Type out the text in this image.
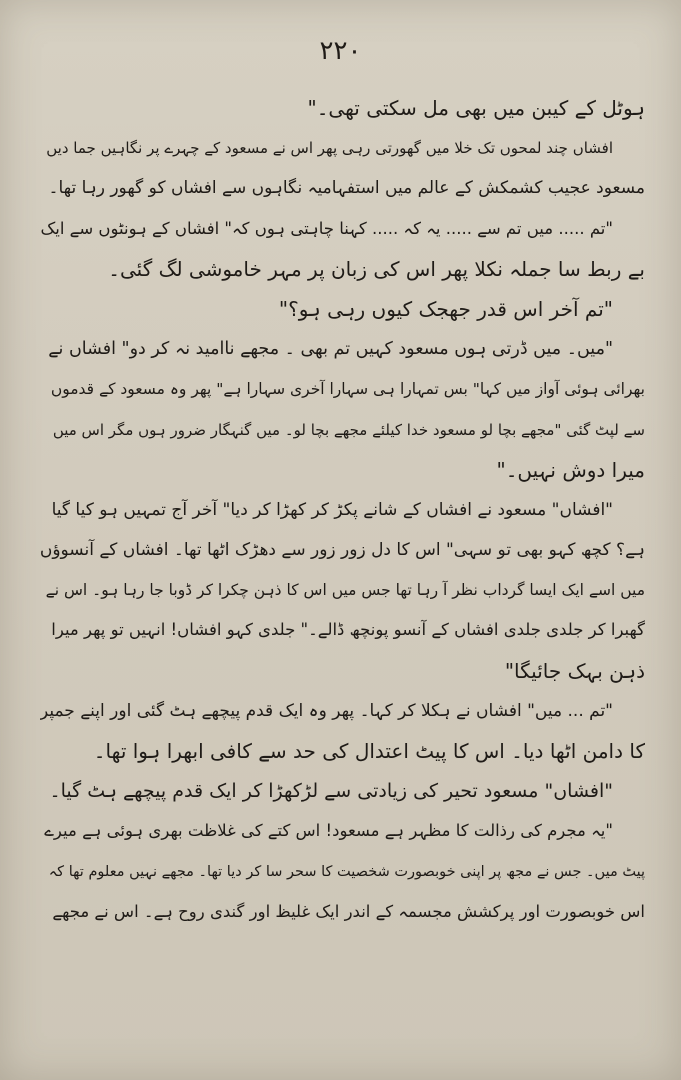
۲۲۰
ہوٹل کے کیبن میں بھی مل سکتی تھی۔"
افشاں چند لمحوں تک خلا میں گھورتی رہی پھر اس نے مسعود کے چہرے پر نگاہیں جما دیں
مسعود عجیب کشمکش کے عالم میں استفہامیہ نگاہوں سے افشاں کو گھور رہا تھا۔
"تم ..... میں تم سے ..... یہ کہ ..... کہنا چاہتی ہوں کہ" افشاں کے ہونٹوں سے ایک
بے ربط سا جملہ نکلا پھر اس کی زبان پر مہر خاموشی لگ گئی۔
"تم آخر اس قدر جھجک کیوں رہی ہو؟"
"میں۔ میں ڈرتی ہوں مسعود کہیں تم بھی ۔ مجھے ناامید نہ کر دو" افشاں نے
بھرائی ہوئی آواز میں کہا" بس تمہارا ہی سہارا آخری سہارا ہے" پھر وہ مسعود کے قدموں
سے لپٹ گئی "مجھے بچا لو مسعود خدا کیلئے مجھے بچا لو۔ میں گنہگار ضرور ہوں مگر اس میں
میرا دوش نہیں۔"
"افشاں" مسعود نے افشاں کے شانے پکڑ کر کھڑا کر دیا" آخر آج تمہیں ہو کیا گیا
ہے؟ کچھ کہو بھی تو سہی" اس کا دل زور زور سے دھڑک اٹھا تھا۔ افشاں کے آنسوؤں
میں اسے ایک ایسا گرداب نظر آ رہا تھا جس میں اس کا ذہن چکرا کر ڈوبا جا رہا ہو۔ اس نے
گھبرا کر جلدی جلدی افشاں کے آنسو پونچھ ڈالے۔" جلدی کہو افشاں! انہیں تو پھر میرا
ذہن بہک جائیگا"
"تم ... میں" افشاں نے ہکلا کر کہا۔ پھر وہ ایک قدم پیچھے ہٹ گئی اور اپنے جمپر
کا دامن اٹھا دیا۔ اس کا پیٹ اعتدال کی حد سے کافی ابھرا ہوا تھا۔
"افشاں" مسعود تحیر کی زیادتی سے لڑکھڑا کر ایک قدم پیچھے ہٹ گیا۔
"یہ مجرم کی رذالت کا مظہر ہے مسعود! اس کتے کی غلاظت بھری ہوئی ہے میرے
پیٹ میں۔ جس نے مجھ پر اپنی خوبصورت شخصیت کا سحر سا کر دیا تھا۔ مجھے نہیں معلوم تھا کہ
اس خوبصورت اور پرکشش مجسمہ کے اندر ایک غلیظ اور گندی روح ہے۔ اس نے مجھے
